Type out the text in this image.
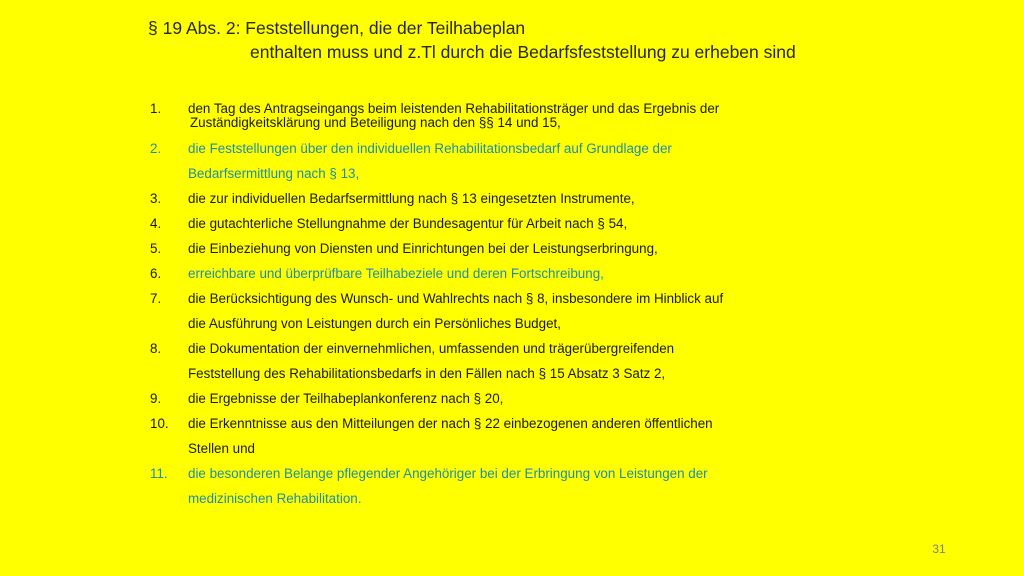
§ 19 Abs. 2: Feststellungen, die der Teilhabeplan
enthalten muss und z.Tl durch die Bedarfsfeststellung zu erheben sind
1. den Tag des Antragseingangs beim leistenden Rehabilitationsträger und das Ergebnis der
Zuständigkeitsklärung und Beteiligung nach den §§ 14 und 15,
2. die Feststellungen über den individuellen Rehabilitationsbedarf auf Grundlage der
Bedarfsermittlung nach § 13,
3. die zur individuellen Bedarfsermittlung nach § 13 eingesetzten Instrumente,
4. die gutachterliche Stellungnahme der Bundesagentur für Arbeit nach § 54,
5. die Einbeziehung von Diensten und Einrichtungen bei der Leistungserbringung,
6. erreichbare und überprüfbare Teilhabeziele und deren Fortschreibung,
7. die Berücksichtigung des Wunsch- und Wahlrechts nach § 8, insbesondere im Hinblick auf
die Ausführung von Leistungen durch ein Persönliches Budget,
8. die Dokumentation der einvernehmlichen, umfassenden und trägerübergreifenden
Feststellung des Rehabilitationsbedarfs in den Fällen nach § 15 Absatz 3 Satz 2,
9. die Ergebnisse der Teilhabeplankonferenz nach § 20,
10. die Erkenntnisse aus den Mitteilungen der nach § 22 einbezogenen anderen öffentlichen
Stellen und
11. die besonderen Belange pflegender Angehöriger bei der Erbringung von Leistungen der
medizinischen Rehabilitation.
31
